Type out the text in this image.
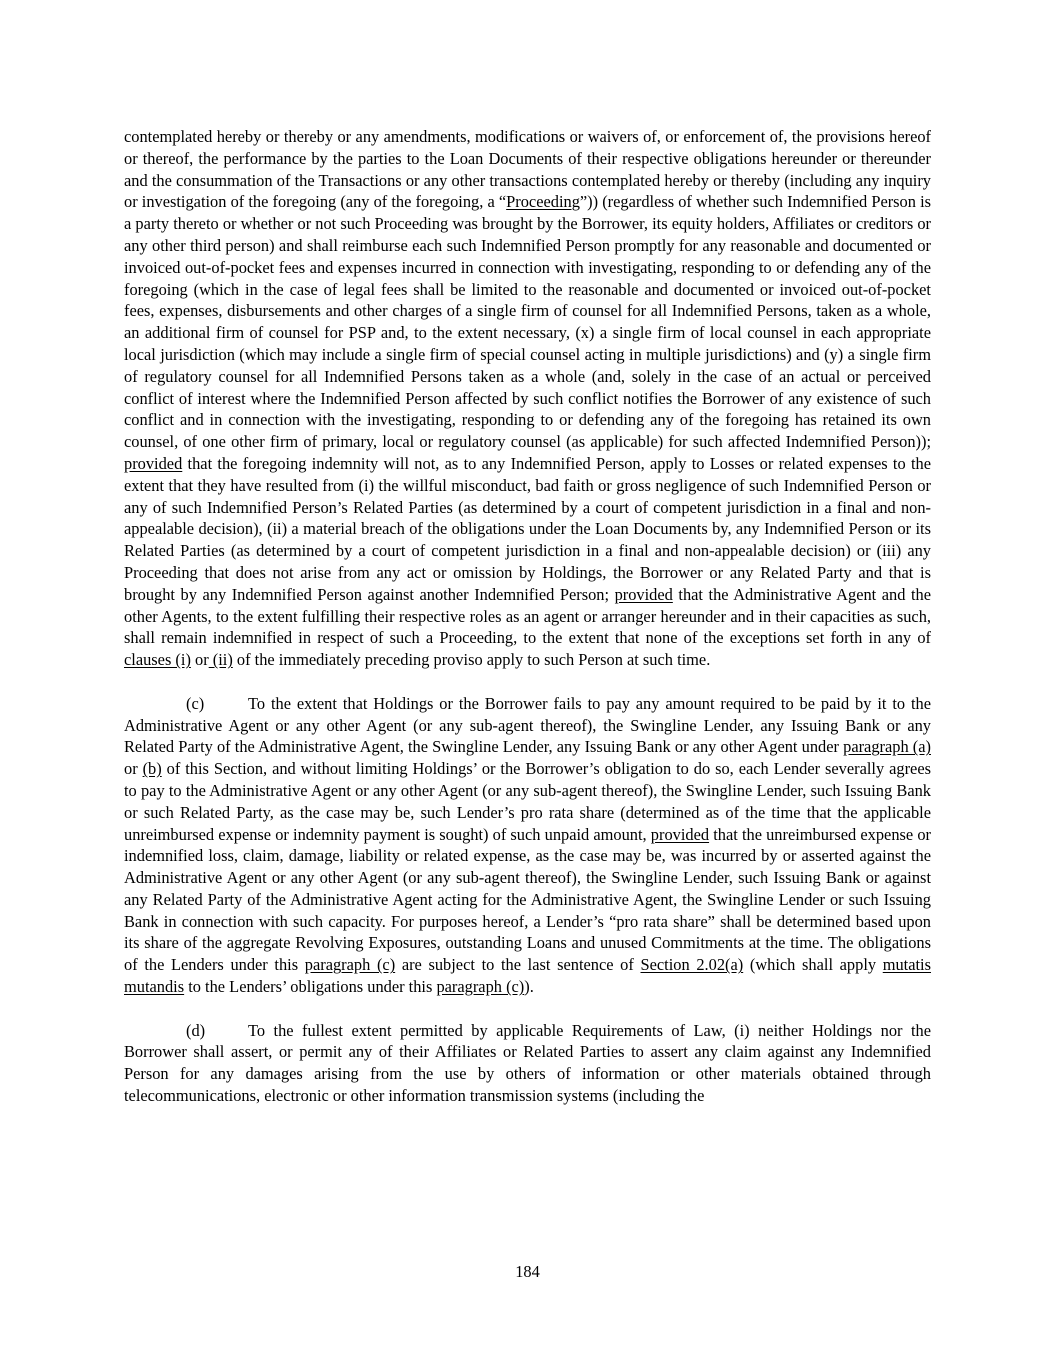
contemplated hereby or thereby or any amendments, modifications or waivers of, or enforcement of, the provisions hereof or thereof, the performance by the parties to the Loan Documents of their respective obligations hereunder or thereunder and the consummation of the Transactions or any other transactions contemplated hereby or thereby (including any inquiry or investigation of the foregoing (any of the foregoing, a “Proceeding”)) (regardless of whether such Indemnified Person is a party thereto or whether or not such Proceeding was brought by the Borrower, its equity holders, Affiliates or creditors or any other third person) and shall reimburse each such Indemnified Person promptly for any reasonable and documented or invoiced out-of-pocket fees and expenses incurred in connection with investigating, responding to or defending any of the foregoing (which in the case of legal fees shall be limited to the reasonable and documented or invoiced out-of-pocket fees, expenses, disbursements and other charges of a single firm of counsel for all Indemnified Persons, taken as a whole, an additional firm of counsel for PSP and, to the extent necessary, (x) a single firm of local counsel in each appropriate local jurisdiction (which may include a single firm of special counsel acting in multiple jurisdictions) and (y) a single firm of regulatory counsel for all Indemnified Persons taken as a whole (and, solely in the case of an actual or perceived conflict of interest where the Indemnified Person affected by such conflict notifies the Borrower of any existence of such conflict and in connection with the investigating, responding to or defending any of the foregoing has retained its own counsel, of one other firm of primary, local or regulatory counsel (as applicable) for such affected Indemnified Person)); provided that the foregoing indemnity will not, as to any Indemnified Person, apply to Losses or related expenses to the extent that they have resulted from (i) the willful misconduct, bad faith or gross negligence of such Indemnified Person or any of such Indemnified Person’s Related Parties (as determined by a court of competent jurisdiction in a final and non-appealable decision), (ii) a material breach of the obligations under the Loan Documents by, any Indemnified Person or its Related Parties (as determined by a court of competent jurisdiction in a final and non-appealable decision) or (iii) any Proceeding that does not arise from any act or omission by Holdings, the Borrower or any Related Party and that is brought by any Indemnified Person against another Indemnified Person; provided that the Administrative Agent and the other Agents, to the extent fulfilling their respective roles as an agent or arranger hereunder and in their capacities as such, shall remain indemnified in respect of such a Proceeding, to the extent that none of the exceptions set forth in any of clauses (i) or (ii) of the immediately preceding proviso apply to such Person at such time.

(c)	To the extent that Holdings or the Borrower fails to pay any amount required to be paid by it to the Administrative Agent or any other Agent (or any sub-agent thereof), the Swingline Lender, any Issuing Bank or any Related Party of the Administrative Agent, the Swingline Lender, any Issuing Bank or any other Agent under paragraph (a) or (b) of this Section, and without limiting Holdings’ or the Borrower’s obligation to do so, each Lender severally agrees to pay to the Administrative Agent or any other Agent (or any sub-agent thereof), the Swingline Lender, such Issuing Bank or such Related Party, as the case may be, such Lender’s pro rata share (determined as of the time that the applicable unreimbursed expense or indemnity payment is sought) of such unpaid amount, provided that the unreimbursed expense or indemnified loss, claim, damage, liability or related expense, as the case may be, was incurred by or asserted against the Administrative Agent or any other Agent (or any sub-agent thereof), the Swingline Lender, such Issuing Bank or against any Related Party of the Administrative Agent acting for the Administrative Agent, the Swingline Lender or such Issuing Bank in connection with such capacity. For purposes hereof, a Lender’s “pro rata share” shall be determined based upon its share of the aggregate Revolving Exposures, outstanding Loans and unused Commitments at the time. The obligations of the Lenders under this paragraph (c) are subject to the last sentence of Section 2.02(a) (which shall apply mutatis mutandis to the Lenders’ obligations under this paragraph (c)).

(d)	To the fullest extent permitted by applicable Requirements of Law, (i) neither Holdings nor the Borrower shall assert, or permit any of their Affiliates or Related Parties to assert any claim against any Indemnified Person for any damages arising from the use by others of information or other materials obtained through telecommunications, electronic or other information transmission systems (including the

184
